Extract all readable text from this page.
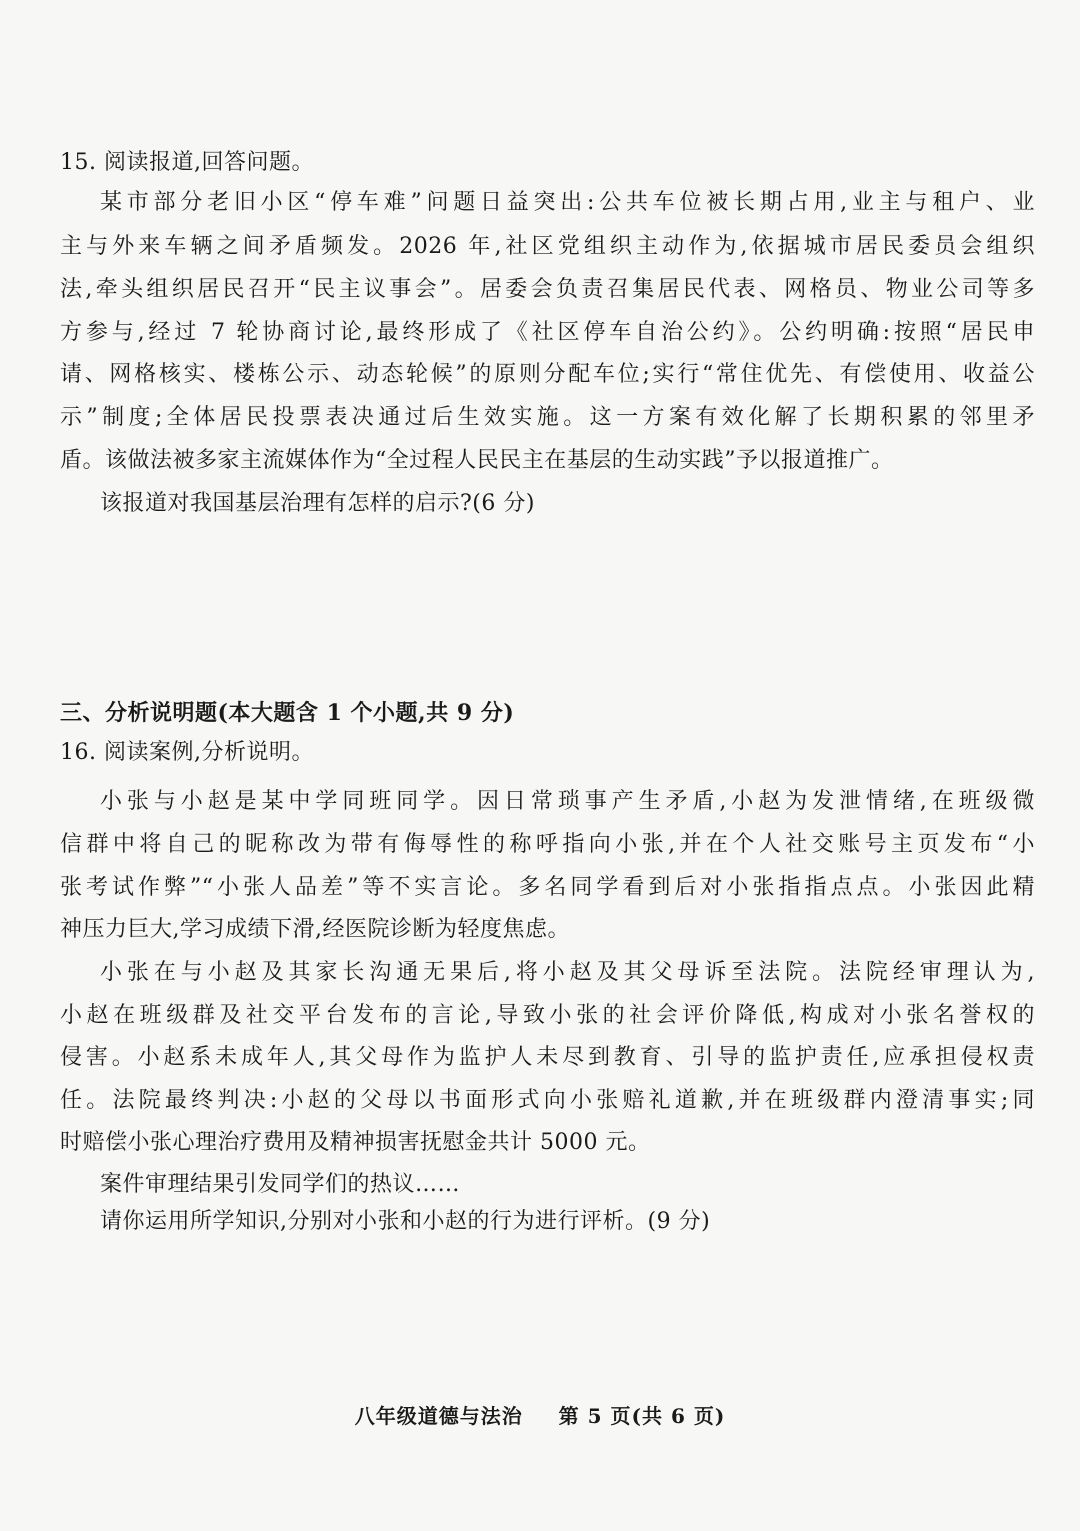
15. 阅读报道,回答问题。
某市部分老旧小区“停车难”问题日益突出:公共车位被长期占用,业主与租户、业
主与外来车辆之间矛盾频发。2026 年,社区党组织主动作为,依据城市居民委员会组织
法,牵头组织居民召开“民主议事会”。居委会负责召集居民代表、网格员、物业公司等多
方参与,经过 7 轮协商讨论,最终形成了《社区停车自治公约》。公约明确:按照“居民申
请、网格核实、楼栋公示、动态轮候”的原则分配车位;实行“常住优先、有偿使用、收益公
示”制度;全体居民投票表决通过后生效实施。这一方案有效化解了长期积累的邻里矛
盾。该做法被多家主流媒体作为“全过程人民民主在基层的生动实践”予以报道推广。
该报道对我国基层治理有怎样的启示?(6 分)
三、分析说明题(本大题含 1 个小题,共 9 分)
16. 阅读案例,分析说明。
小张与小赵是某中学同班同学。因日常琐事产生矛盾,小赵为发泄情绪,在班级微
信群中将自己的昵称改为带有侮辱性的称呼指向小张,并在个人社交账号主页发布“小
张考试作弊”“小张人品差”等不实言论。多名同学看到后对小张指指点点。小张因此精
神压力巨大,学习成绩下滑,经医院诊断为轻度焦虑。
小张在与小赵及其家长沟通无果后,将小赵及其父母诉至法院。法院经审理认为,
小赵在班级群及社交平台发布的言论,导致小张的社会评价降低,构成对小张名誉权的
侵害。小赵系未成年人,其父母作为监护人未尽到教育、引导的监护责任,应承担侵权责
任。法院最终判决:小赵的父母以书面形式向小张赔礼道歉,并在班级群内澄清事实;同
时赔偿小张心理治疗费用及精神损害抚慰金共计 5000 元。
案件审理结果引发同学们的热议……
请你运用所学知识,分别对小张和小赵的行为进行评析。(9 分)
八年级道德与法治 第 5 页(共 6 页)
